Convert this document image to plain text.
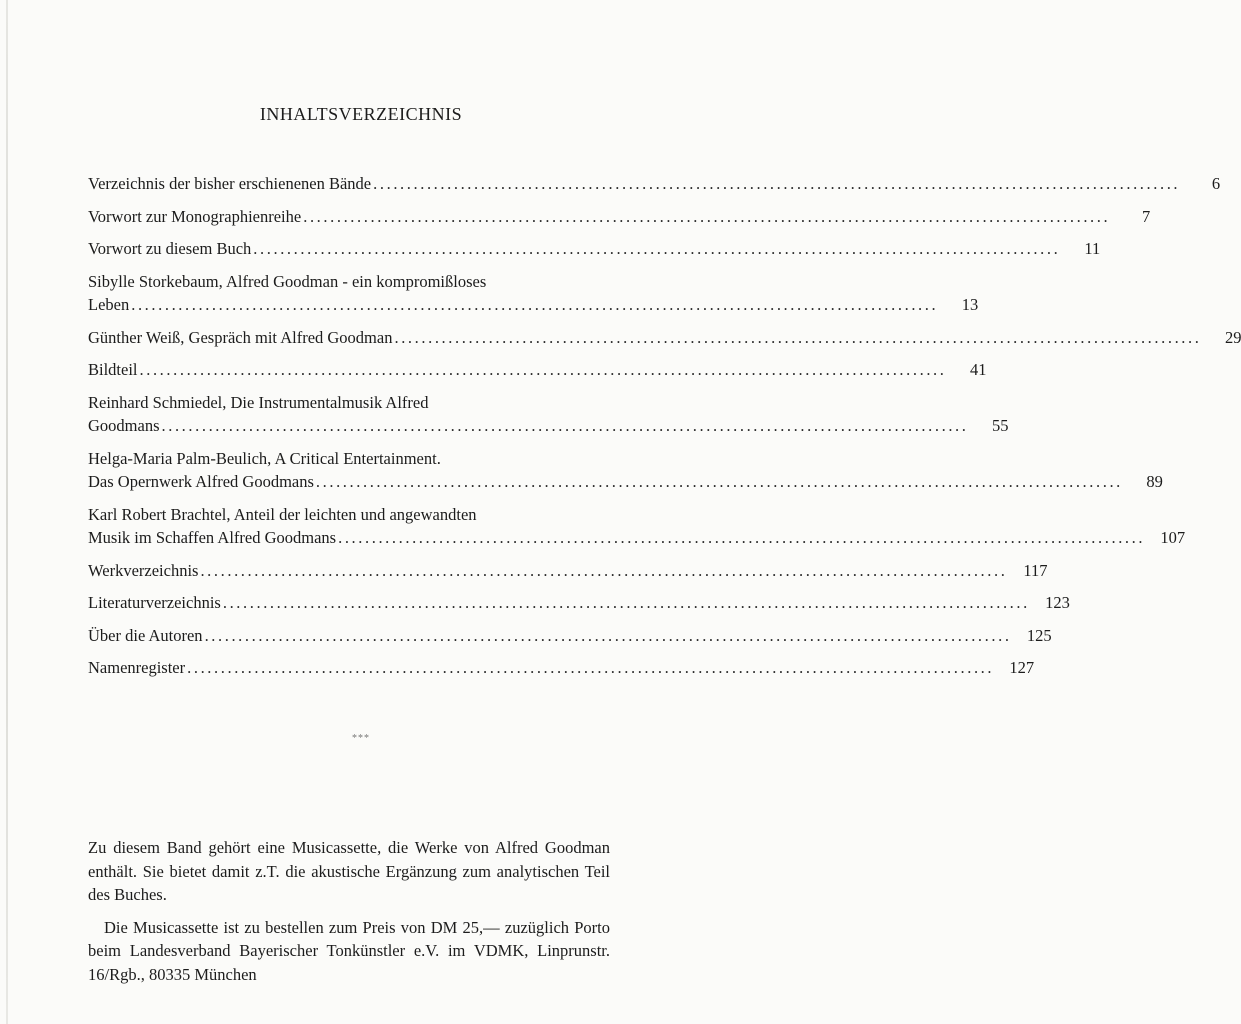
INHALTSVERZEICHNIS
Verzeichnis der bisher erschienenen Bände ........................................................................................................................	6
Vorwort zur Monographienreihe ........................................................................................................................	7
Vorwort zu diesem Buch ........................................................................................................................	11
Sibylle Storkebaum, Alfred Goodman - ein kompromißloses
Leben ........................................................................................................................	13
Günther Weiß, Gespräch mit Alfred Goodman ........................................................................................................................	29
Bildteil ........................................................................................................................	41
Reinhard Schmiedel, Die Instrumentalmusik Alfred
Goodmans ........................................................................................................................	55
Helga-Maria Palm-Beulich, A Critical Entertainment.
Das Opernwerk Alfred Goodmans ........................................................................................................................	89
Karl Robert Brachtel, Anteil der leichten und angewandten
Musik im Schaffen Alfred Goodmans ........................................................................................................................ 107
Werkverzeichnis ........................................................................................................................ 117
Literaturverzeichnis ........................................................................................................................ 123
Über die Autoren ........................................................................................................................ 125
Namenregister ........................................................................................................................ 127
***

Zu diesem Band gehört eine Musicassette, die Werke von Alfred Goodman enthält. Sie bietet damit z.T. die akustische Ergänzung zum analytischen Teil des Buches.

Die Musicassette ist zu bestellen zum Preis von DM 25,— zuzüglich Porto beim Landesverband Bayerischer Tonkünstler e.V. im VDMK, Linprunstr. 16/Rgb., 80335 München
